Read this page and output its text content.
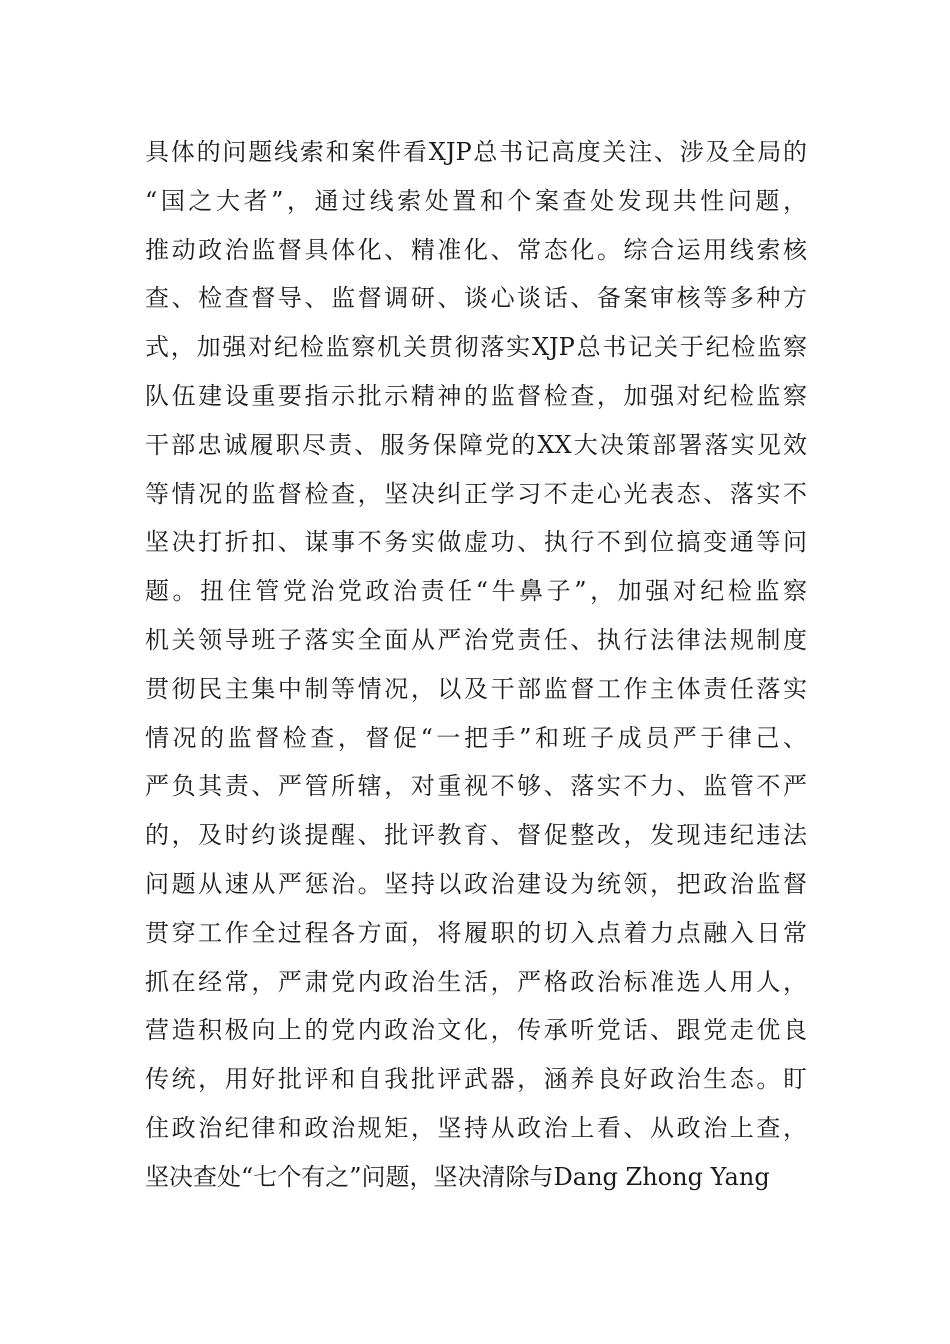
具体的问题线索和案件看XJP总书记高度关注、涉及全局的
“国之大者”，通过线索处置和个案查处发现共性问题，
推动政治监督具体化、精准化、常态化。综合运用线索核
查、检查督导、监督调研、谈心谈话、备案审核等多种方
式，加强对纪检监察机关贯彻落实XJP总书记关于纪检监察
队伍建设重要指示批示精神的监督检查，加强对纪检监察
干部忠诚履职尽责、服务保障党的XX大决策部署落实见效
等情况的监督检查，坚决纠正学习不走心光表态、落实不
坚决打折扣、谋事不务实做虚功、执行不到位搞变通等问
题。扭住管党治党政治责任“牛鼻子”，加强对纪检监察
机关领导班子落实全面从严治党责任、执行法律法规制度
贯彻民主集中制等情况，以及干部监督工作主体责任落实
情况的监督检查，督促“一把手”和班子成员严于律己、
严负其责、严管所辖，对重视不够、落实不力、监管不严
的，及时约谈提醒、批评教育、督促整改，发现违纪违法
问题从速从严惩治。坚持以政治建设为统领，把政治监督
贯穿工作全过程各方面，将履职的切入点着力点融入日常
抓在经常，严肃党内政治生活，严格政治标准选人用人，
营造积极向上的党内政治文化，传承听党话、跟党走优良
传统，用好批评和自我批评武器，涵养良好政治生态。盯
住政治纪律和政治规矩，坚持从政治上看、从政治上查，
坚决查处“七个有之”问题，坚决清除与Dang Zhong Yang
